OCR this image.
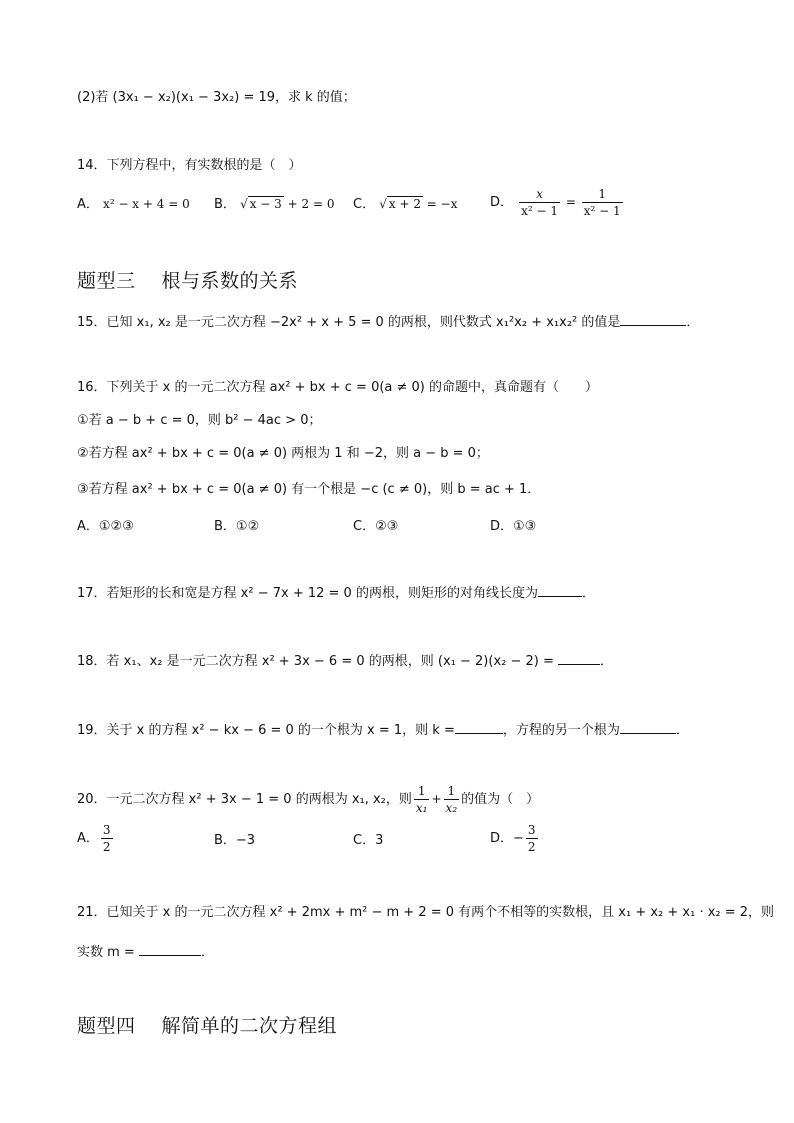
(2)若 (3x₁ − x₂)(x₁ − 3x₂) = 19，求 k 的值；
14．下列方程中，有实数根的是（　）
A． x² − x + 4 = 0 B． √ x − 3 + 2 = 0 C． √ x + 2 = −x	D． $\frac{x}{\text{x² − 1}} = \frac{1}{\text{x² − 1}}$
题型三　 根与系数的关系
15．已知 x₁, x₂ 是一元二次方程 −2x² + x + 5 = 0 的两根，则代数式 x₁²x₂ + x₁x₂² 的值是	．
16．下列关于 x 的一元二次方程 ax² + bx + c = 0(a ≠ 0) 的命题中，真命题有（　　）
①若 a − b + c = 0，则 b² − 4ac > 0；
②若方程 ax² + bx + c = 0(a ≠ 0) 两根为 1 和 −2，则 a − b = 0；
③若方程 ax² + bx + c = 0(a ≠ 0) 有一个根是 −c (c ≠ 0)，则 b = ac + 1．
A．①②③	B．①②	C．②③	D．①③
17．若矩形的长和宽是方程 x² − 7x + 12 = 0 的两根，则矩形的对角线长度为	．
18．若 x₁、x₂ 是一元二次方程 x² + 3x − 6 = 0 的两根，则 (x₁ − 2)(x₂ − 2) =	．
19．关于 x 的方程 x² − kx − 6 = 0 的一个根为 x = 1，则 k =	，方程的另一个根为	．
20．一元二次方程 x² + 3x − 1 = 0 的两根为 x₁, x₂，则 $\frac{1}{\text{x₁}} + \frac{1}{\text{x₂}}$ 的值为（　）
A． $\frac{3}{2}$	B．−3	C．3	D．− $\frac{3}{2}$
21．已知关于 x 的一元二次方程 x² + 2mx + m² − m + 2 = 0 有两个不相等的实数根，且 x₁ + x₂ + x₁ · x₂ = 2，则
实数 m =	．
题型四　 解简单的二次方程组
